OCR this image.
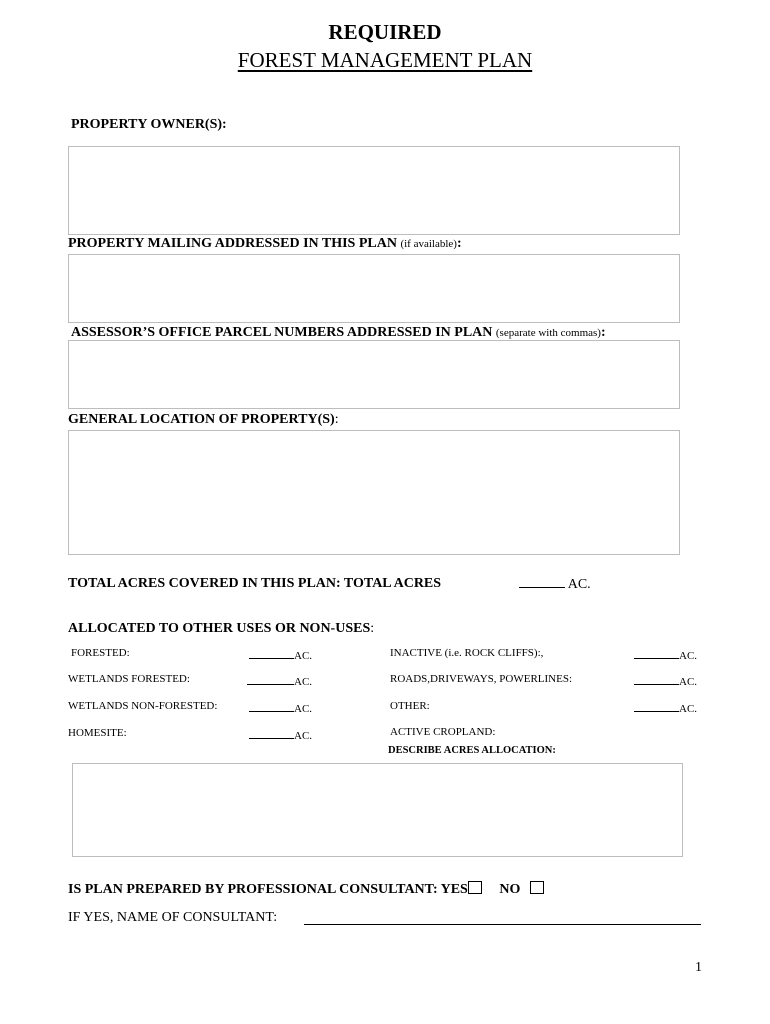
REQUIRED
FOREST MANAGEMENT PLAN
PROPERTY OWNER(S):
PROPERTY MAILING ADDRESSED IN THIS PLAN (if available):
ASSESSOR’S OFFICE PARCEL NUMBERS ADDRESSED IN PLAN (separate with commas):
GENERAL LOCATION OF PROPERTY(S):
TOTAL ACRES COVERED IN THIS PLAN: TOTAL ACRES	AC.
ALLOCATED TO OTHER USES OR NON-USES:
FORESTED:	AC.
WETLANDS FORESTED:	AC.
WETLANDS NON-FORESTED:	AC.
HOMESITE:	AC.
INACTIVE (i.e. ROCK CLIFFS):,	AC.
ROADS,DRIVEWAYS, POWERLINES:	AC.
OTHER:	AC.
ACTIVE CROPLAND:
DESCRIBE ACRES ALLOCATION:
IS PLAN PREPARED BY PROFESSIONAL CONSULTANT: YES NO
IF YES, NAME OF CONSULTANT:
1
